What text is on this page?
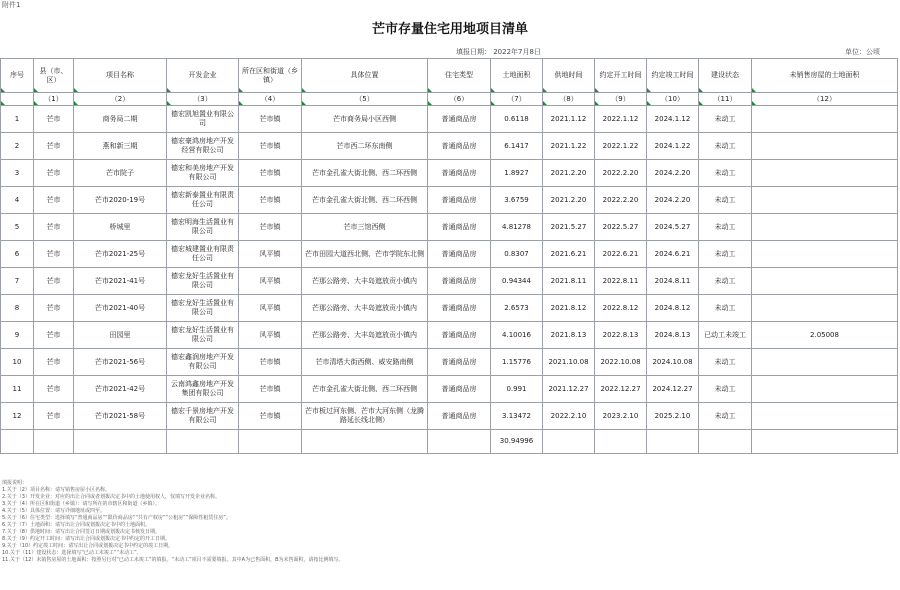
附件1
芒市存量住宅用地项目清单
填报日期： 2022年7月8日	单位：公顷
序号	县（市、区）	项目名称	开发企业	所在区和街道（乡镇）	具体位置	住宅类型	土地面积	供地时间	约定开工时间	约定竣工时间	建设状态	未销售房屋的土地面积

	（1）	（2）	（3）	（4）	（5）	（6）	（7）	（8）	（9）	（10）	（11）	（12）

1	芒市	商务局二期	德宏凯旭置业有限公司	芒市镇	芒市商务局小区西侧	普通商品房	0.6118	2021.1.12	2022.1.12	2024.1.12	未动工	
2	芒市	燕和新三期	德宏豪鸿房地产开发经营有限公司	芒市镇	芒市西二环东南侧	普通商品房	6.1417	2021.1.22	2022.1.22	2024.1.22	未动工	
3	芒市	芒市院子	德宏和美房地产开发有限公司	芒市镇	芒市金孔雀大街北侧、西二环西侧	普通商品房	1.8927	2021.2.20	2022.2.20	2024.2.20	未动工	
4	芒市	芒市2020-19号	德宏新泰置业有限责任公司	芒市镇	芒市金孔雀大街北侧、西二环西侧	普通商品房	3.6759	2021.2.20	2022.2.20	2024.2.20	未动工	
5	芒市	桥城里	德宏明海生活置业有限公司	芒市镇	芒市三馆西侧	普通商品房	4.81278	2021.5.27	2022.5.27	2024.5.27	未动工	
6	芒市	芒市2021-25号	德宏城建置业有限责任公司	风平镇	芒市田园大道西北侧、芒市学院东北侧	普通商品房	0.8307	2021.6.21	2022.6.21	2024.6.21	未动工	
7	芒市	芒市2021-41号	德宏龙好生活置业有限公司	风平镇	芒那公路旁、大丰岛遮放贡小镇内	普通商品房	0.94344	2021.8.11	2022.8.11	2024.8.11	未动工	
8	芒市	芒市2021-40号	德宏龙好生活置业有限公司	风平镇	芒那公路旁、大丰岛遮放贡小镇内	普通商品房	2.6573	2021.8.12	2022.8.12	2024.8.12	未动工	
9	芒市	田园里	德宏龙好生活置业有限公司	风平镇	芒那公路旁、大丰岛遮放贡小镇内	普通商品房	4.10016	2021.8.13	2022.8.13	2024.8.13	已动工未竣工	2.05008
10	芒市	芒市2021-56号	德宏鑫润房地产开发有限公司	芒市镇	芒市清塔大街西侧、威安路南侧	普通商品房	1.15776	2021.10.08	2022.10.08	2024.10.08	未动工	
11	芒市	芒市2021-42号	云南鸿鑫房地产开发集团有限公司	芒市镇	芒市金孔雀大街北侧、西二环西侧	普通商品房	0.991	2021.12.27	2022.12.27	2024.12.27	未动工	
12	芒市	芒市2021-58号	德宏千景房地产开发有限公司	芒市镇	芒市板过河东侧、芒市大河东侧（龙腾路延长线北侧）	普通商品房	3.13472	2022.2.10	2023.2.10	2025.2.10	未动工	
							30.94996					
填报说明：
1.关于（2）项目名称：请写销售房屋小区名称。
2.关于（3）开发企业：对应的出让合同或者划拨决定书中的土地使用权人，仅填写开发企业名称。
3.关于（4）所在区和街道（乡镇）：请写所在的市辖区和街道（乡镇）。
4.关于（5）具体位置：请写详细地址或四至。
5.关于（6）住宅类型：选择填写“普通商品房”“限价商品房”“共有产权房”“公租房”“保障性租赁住房”。
6.关于（7）土地面积：请写出让合同或划拨决定书中的土地面积。
7.关于（8）供地时间：请写出让合同签订日期或划拨决定书核发日期。
8.关于（9）约定开工时间：请写出让合同或划拨决定书中约定的开工日期。
9.关于（10）约定竣工时间：请写出让合同或划拨决定书中约定的竣工日期。
10.关于（11）建设状态：选择填写“已动工未竣工”“未动工”。
11.关于（12）未销售房屋的土地面积：按照另行对“已动工未竣工”的填报。“未动工”项目不需要填报。其中A为已售面积，B为未售面积，请按比例填写。
